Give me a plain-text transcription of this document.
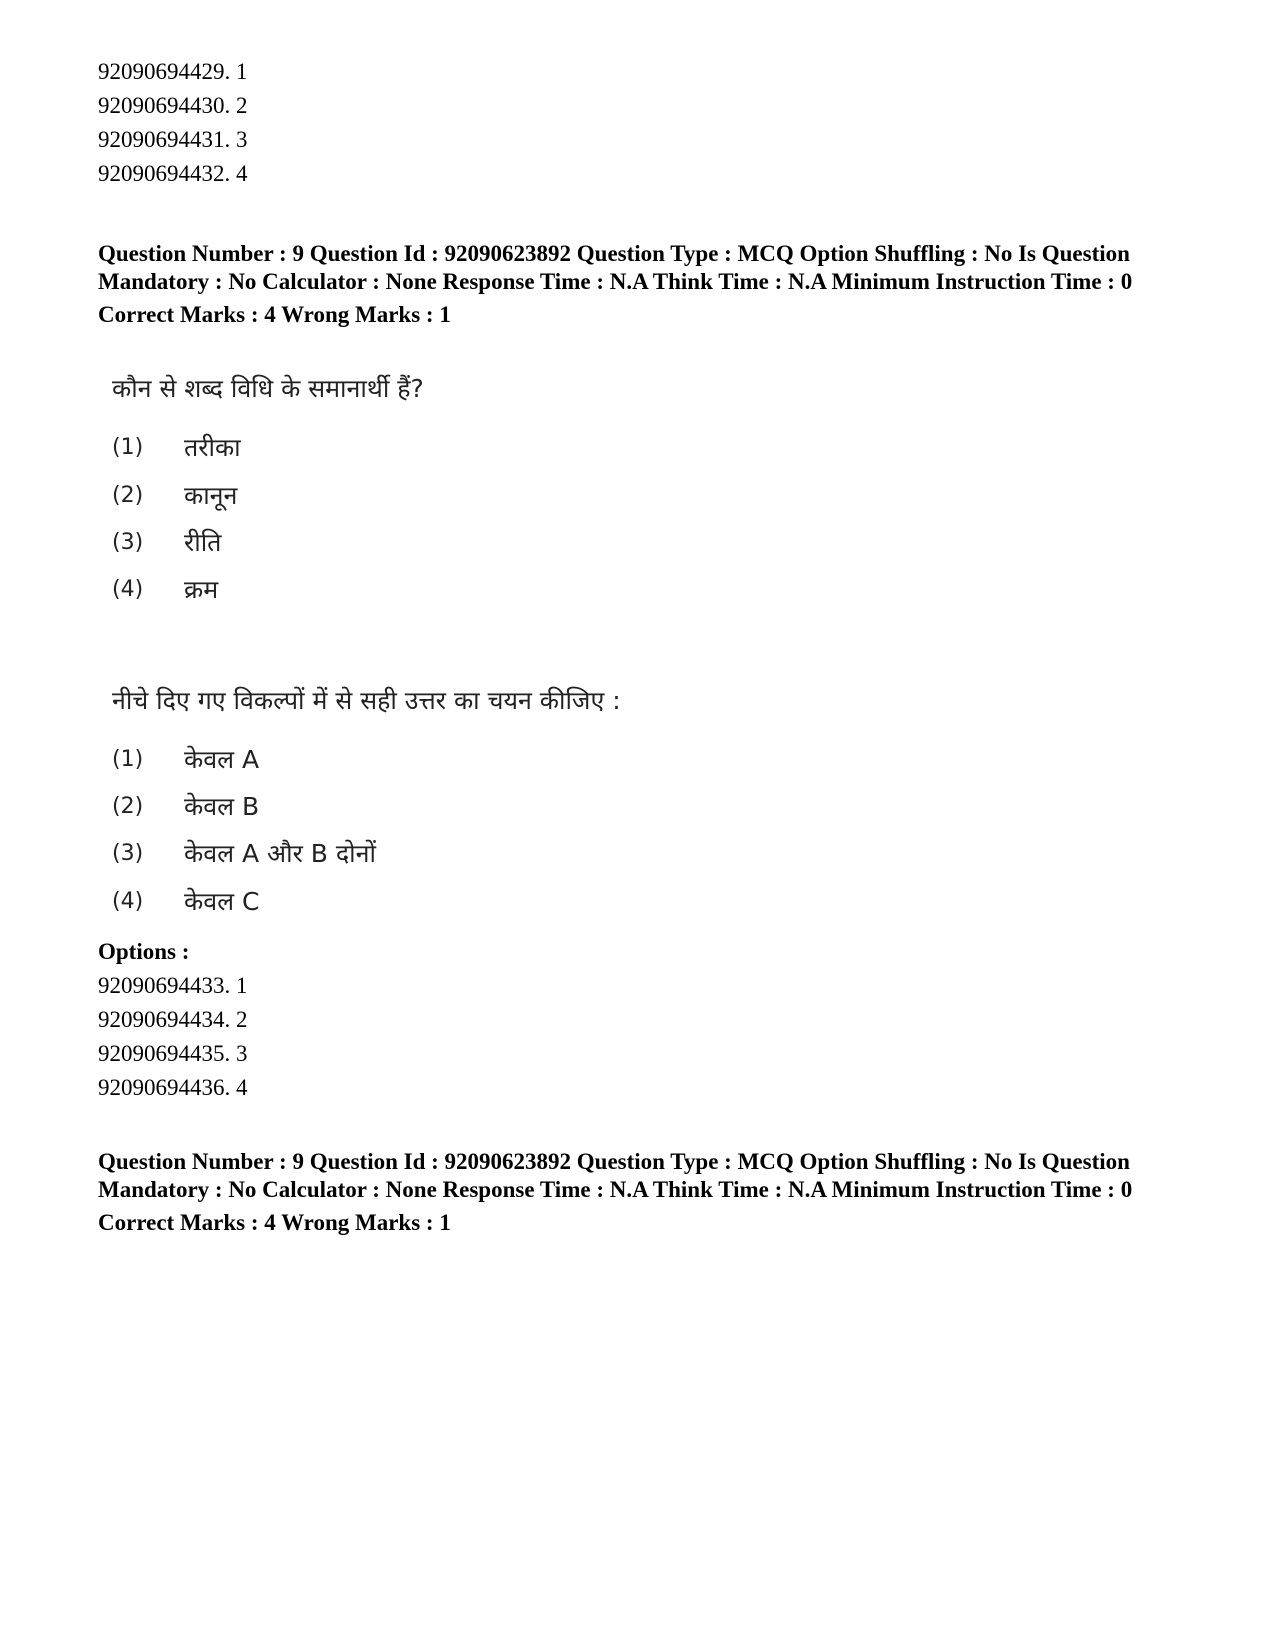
92090694429. 1
92090694430. 2
92090694431. 3
92090694432. 4
Question Number : 9 Question Id : 92090623892 Question Type : MCQ Option Shuffling : No Is Question Mandatory : No Calculator : None Response Time : N.A Think Time : N.A Minimum Instruction Time : 0
Correct Marks : 4 Wrong Marks : 1
कौन से शब्द विधि के समानार्थी हैं?
(1) तरीका
(2) कानून
(3) रीति
(4) क्रम
नीचे दिए गए विकल्पों में से सही उत्तर का चयन कीजिए :
(1) केवल A
(2) केवल B
(3) केवल A और B दोनों
(4) केवल C
Options :
92090694433. 1
92090694434. 2
92090694435. 3
92090694436. 4
Question Number : 9 Question Id : 92090623892 Question Type : MCQ Option Shuffling : No Is Question Mandatory : No Calculator : None Response Time : N.A Think Time : N.A Minimum Instruction Time : 0
Correct Marks : 4 Wrong Marks : 1
